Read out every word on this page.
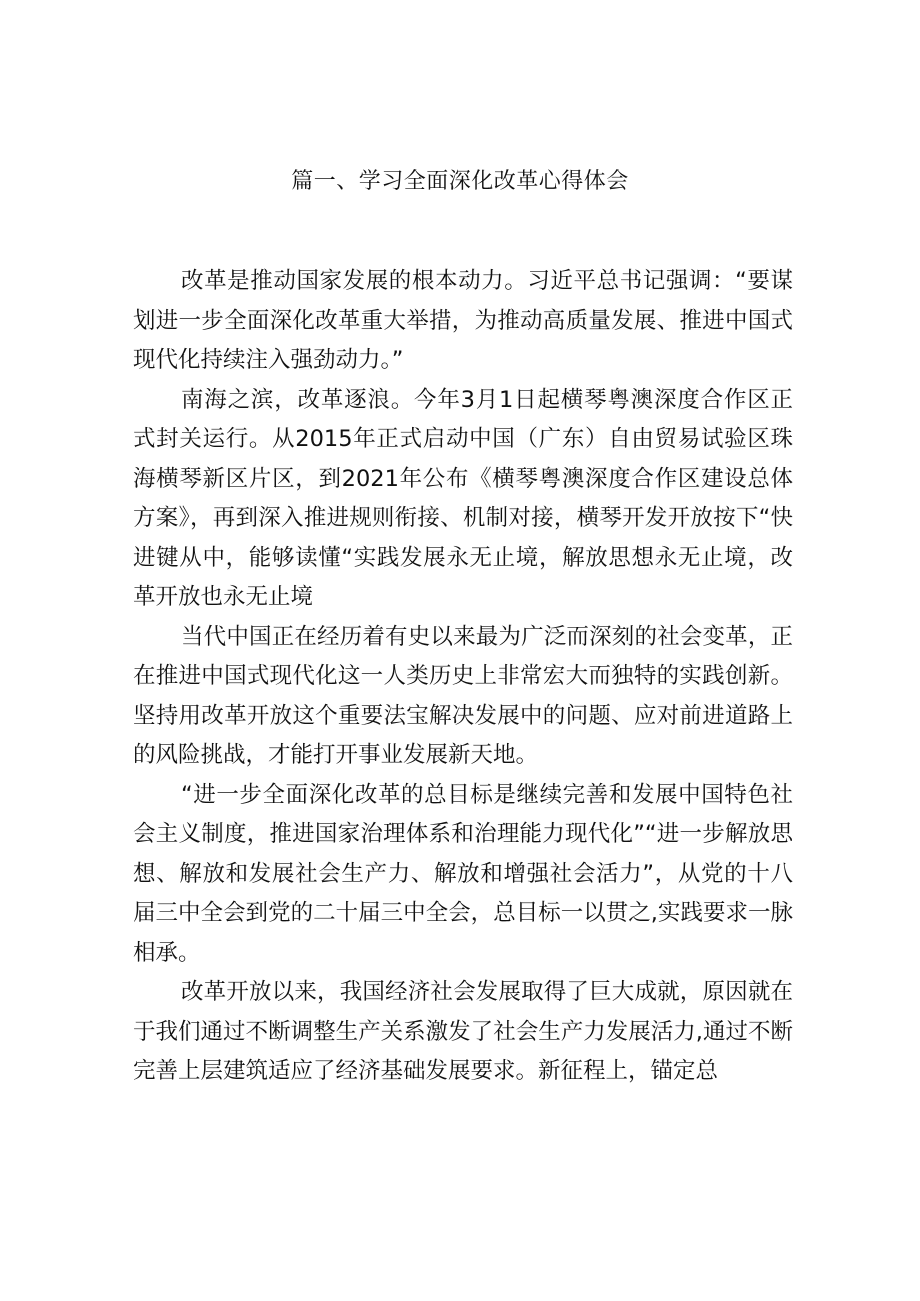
篇一、学习全面深化改革心得体会

改革是推动国家发展的根本动力。习近平总书记强调：“要谋划进一步全面深化改革重大举措，为推动高质量发展、推进中国式现代化持续注入强劲动力。”

南海之滨，改革逐浪。今年3月1日起横琴粤澳深度合作区正式封关运行。从2015年正式启动中国（广东）自由贸易试验区珠海横琴新区片区，到2021年公布《横琴粤澳深度合作区建设总体方案》，再到深入推进规则衔接、机制对接，横琴开发开放按下“快进键从中，能够读懂“实践发展永无止境，解放思想永无止境，改革开放也永无止境

当代中国正在经历着有史以来最为广泛而深刻的社会变革，正在推进中国式现代化这一人类历史上非常宏大而独特的实践创新。坚持用改革开放这个重要法宝解决发展中的问题、应对前进道路上的风险挑战，才能打开事业发展新天地。

“进一步全面深化改革的总目标是继续完善和发展中国特色社会主义制度，推进国家治理体系和治理能力现代化”“进一步解放思想、解放和发展社会生产力、解放和增强社会活力”，从党的十八届三中全会到党的二十届三中全会，总目标一以贯之,实践要求一脉相承。

改革开放以来，我国经济社会发展取得了巨大成就，原因就在于我们通过不断调整生产关系激发了社会生产力发展活力,通过不断完善上层建筑适应了经济基础发展要求。新征程上，锚定总
